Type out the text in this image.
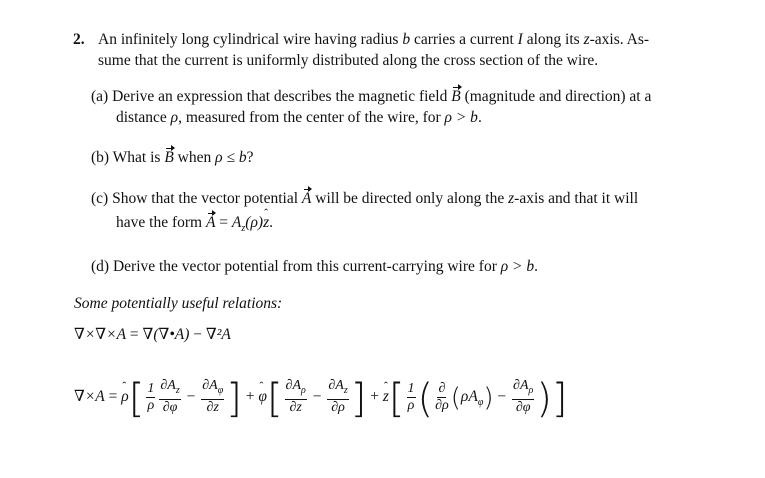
2. An infinitely long cylindrical wire having radius b carries a current I along its z-axis. As-
sume that the current is uniformly distributed along the cross section of the wire.
(a) Derive an expression that describes the magnetic field B (magnitude and direction) at a
distance ρ, measured from the center of the wire, for ρ > b.
(b) What is B when ρ ≤ b?
(c) Show that the vector potential A will be directed only along the z-axis and that it will
have the form $A = A_z(\rho)z$ ˆ.
(d) Derive the vector potential from this current-carrying wire for ρ > b.
Some potentially useful relations:
∇×∇×A = ∇(∇•A) − ∇²A
∇×A = ρ ˆ[ $\frac{1}{\rho} \frac{\partial A_z}{\partial\varphi} - \frac{\partial A_\varphi}{\partial z}$ ] + φ ˆ[ $\frac{\partial A_\rho}{\partial z} - \frac{\partial A_z}{\partial\rho}$ ] + z ˆ[ $\frac{1}{\rho}$ ( $\frac{\partial}{\partial\rho} (\rho A_\varphi) - \frac{\partial A_\rho}{\partial\varphi}$ )]
